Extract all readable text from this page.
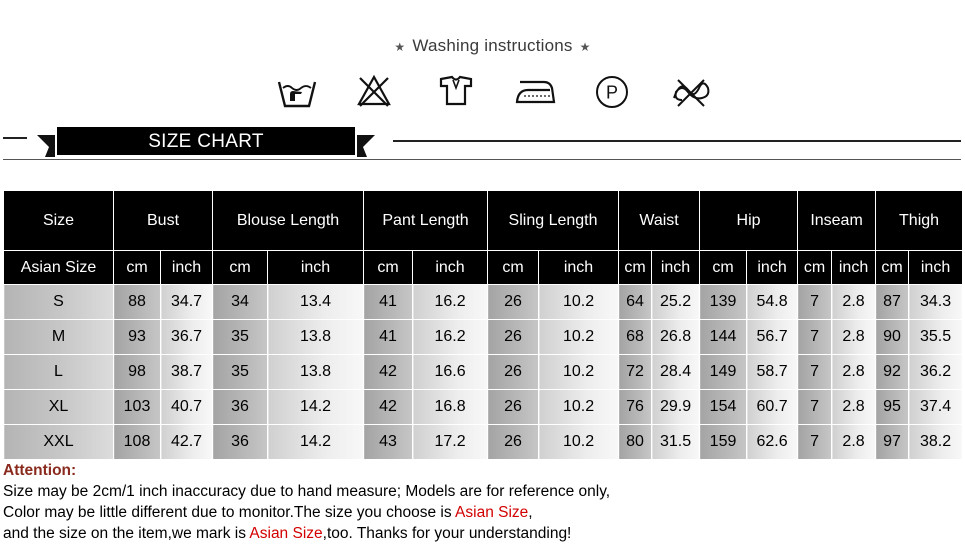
★ Washing instructions ★
P
SIZE CHART
Size	Bust		Blouse Length		Pant Length		Sling Length		Waist		Hip		Inseam		Thigh	
Asian Size	cm	inch	cm	inch	cm	inch	cm	inch	cm	inch	cm	inch	cm	inch	cm	inch
S	88	34.7	34	13.4	41	16.2	26	10.2	64	25.2	139	54.8	7	2.8	87	34.3
M	93	36.7	35	13.8	41	16.2	26	10.2	68	26.8	144	56.7	7	2.8	90	35.5
L	98	38.7	35	13.8	42	16.6	26	10.2	72	28.4	149	58.7	7	2.8	92	36.2
XL	103	40.7	36	14.2	42	16.8	26	10.2	76	29.9	154	60.7	7	2.8	95	37.4
XXL	108	42.7	36	14.2	43	17.2	26	10.2	80	31.5	159	62.6	7	2.8	97	38.2
Attention:
Size may be 2cm/1 inch inaccuracy due to hand measure; Models are for reference only,
Color may be little different due to monitor.The size you choose is Asian Size,
and the size on the item,we mark is Asian Size,too. Thanks for your understanding!
